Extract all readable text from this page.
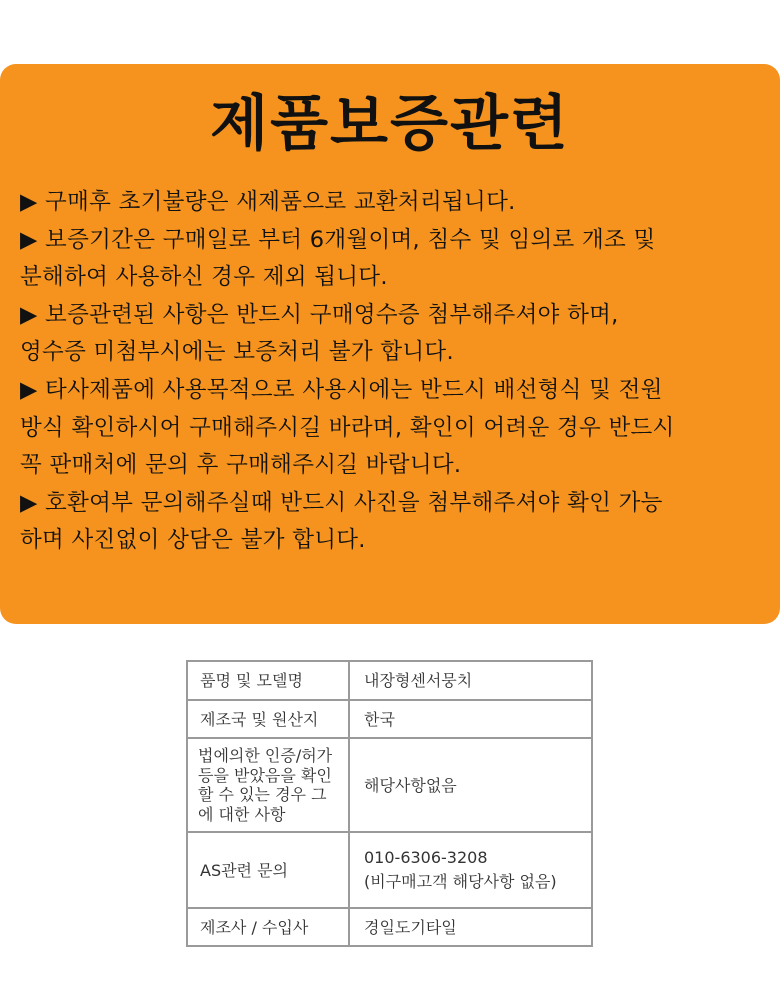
제품보증관련
▶ 구매후 초기불량은 새제품으로 교환처리됩니다.
▶ 보증기간은 구매일로 부터 6개월이며, 침수 및 임의로 개조 및
분해하여 사용하신 경우 제외 됩니다.
▶ 보증관련된 사항은 반드시 구매영수증 첨부해주셔야 하며,
영수증 미첨부시에는 보증처리 불가 합니다.
▶ 타사제품에 사용목적으로 사용시에는 반드시 배선형식 및 전원
방식 확인하시어 구매해주시길 바라며, 확인이 어려운 경우 반드시
꼭 판매처에 문의 후 구매해주시길 바랍니다.
▶ 호환여부 문의해주실때 반드시 사진을 첨부해주셔야 확인 가능
하며 사진없이 상담은 불가 합니다.
품명 및 모델명	내장형센서뭉치

제조국 및 원산지	한국

법에의한 인증/허가
등을 받았음을 확인
할 수 있는 경우 그
에 대한 사항	해당사항없음

AS관련 문의	010-6306-3208
(비구매고객 해당사항 없음)

제조사 / 수입사	경일도기타일
